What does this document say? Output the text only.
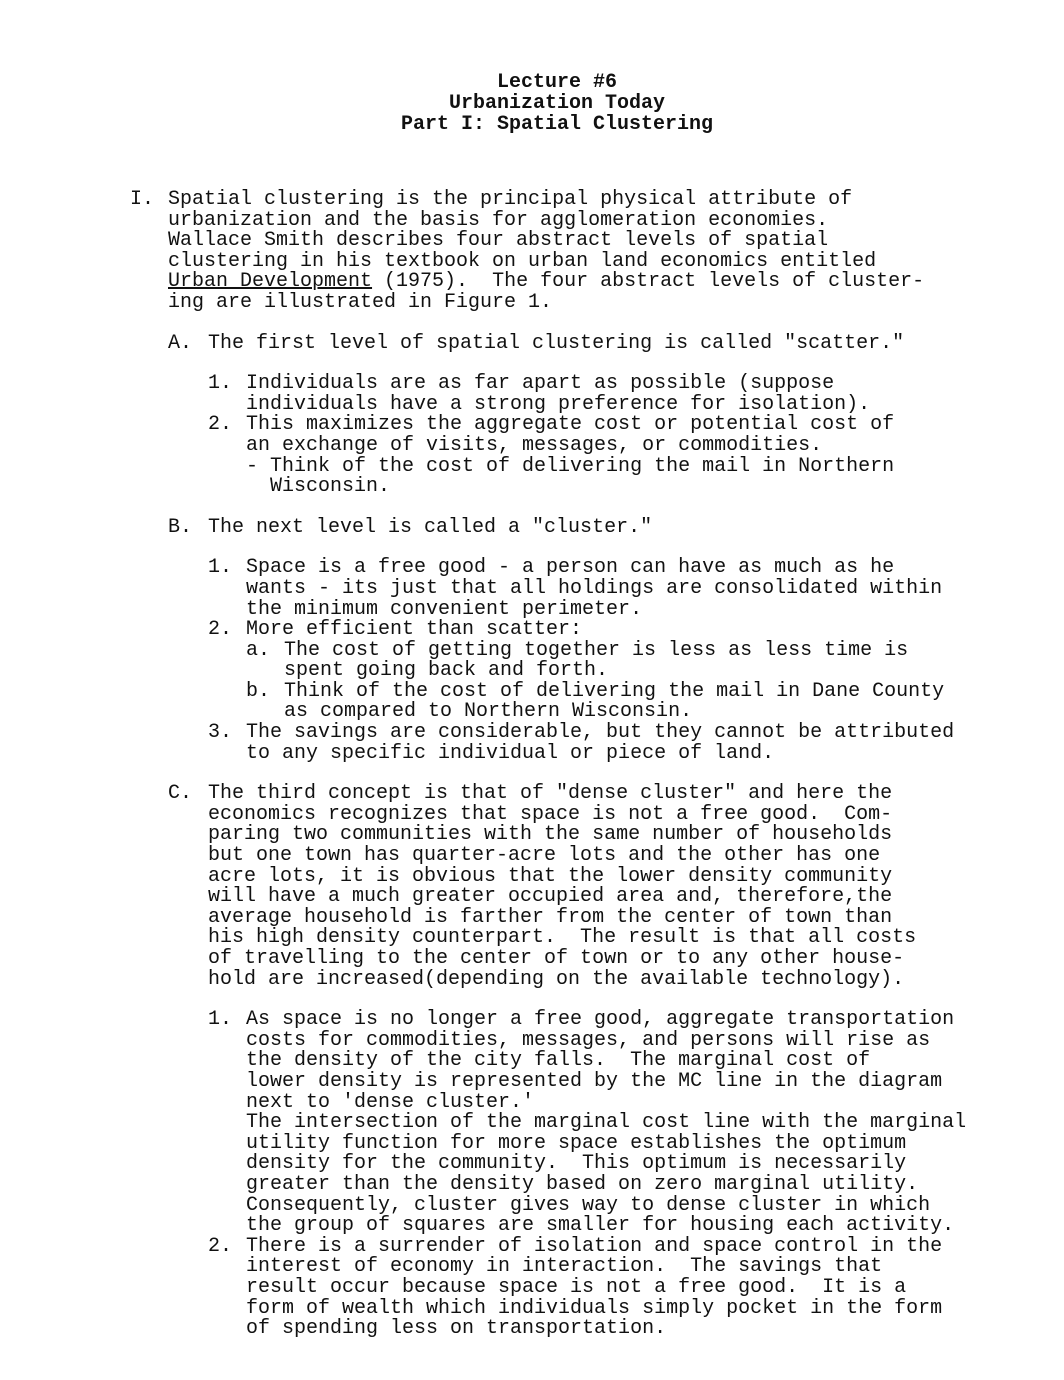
Lecture #6
Urbanization Today
Part I: Spatial Clustering
I. Spatial clustering is the principal physical attribute of
urbanization and the basis for agglomeration economies.
Wallace Smith describes four abstract levels of spatial
clustering in his textbook on urban land economics entitled
Urban Development (1975).  The four abstract levels of cluster-
ing are illustrated in Figure 1.
A. The first level of spatial clustering is called "scatter."
1. Individuals are as far apart as possible (suppose
individuals have a strong preference for isolation).
2. This maximizes the aggregate cost or potential cost of
an exchange of visits, messages, or commodities.
- Think of the cost of delivering the mail in Northern
Wisconsin.
B. The next level is called a "cluster."
1. Space is a free good - a person can have as much as he
wants - its just that all holdings are consolidated within
the minimum convenient perimeter.
2. More efficient than scatter:
a. The cost of getting together is less as less time is
spent going back and forth.
b. Think of the cost of delivering the mail in Dane County
as compared to Northern Wisconsin.
3. The savings are considerable, but they cannot be attributed
to any specific individual or piece of land.
C. The third concept is that of "dense cluster" and here the
economics recognizes that space is not a free good.  Com-
paring two communities with the same number of households
but one town has quarter-acre lots and the other has one
acre lots, it is obvious that the lower density community
will have a much greater occupied area and, therefore,the
average household is farther from the center of town than
his high density counterpart.  The result is that all costs
of travelling to the center of town or to any other house-
hold are increased(depending on the available technology).
1. As space is no longer a free good, aggregate transportation
costs for commodities, messages, and persons will rise as
the density of the city falls.  The marginal cost of
lower density is represented by the MC line in the diagram
next to 'dense cluster.'
The intersection of the marginal cost line with the marginal
utility function for more space establishes the optimum
density for the community.  This optimum is necessarily
greater than the density based on zero marginal utility.
Consequently, cluster gives way to dense cluster in which
the group of squares are smaller for housing each activity.
2. There is a surrender of isolation and space control in the
interest of economy in interaction.  The savings that
result occur because space is not a free good.  It is a
form of wealth which individuals simply pocket in the form
of spending less on transportation.
